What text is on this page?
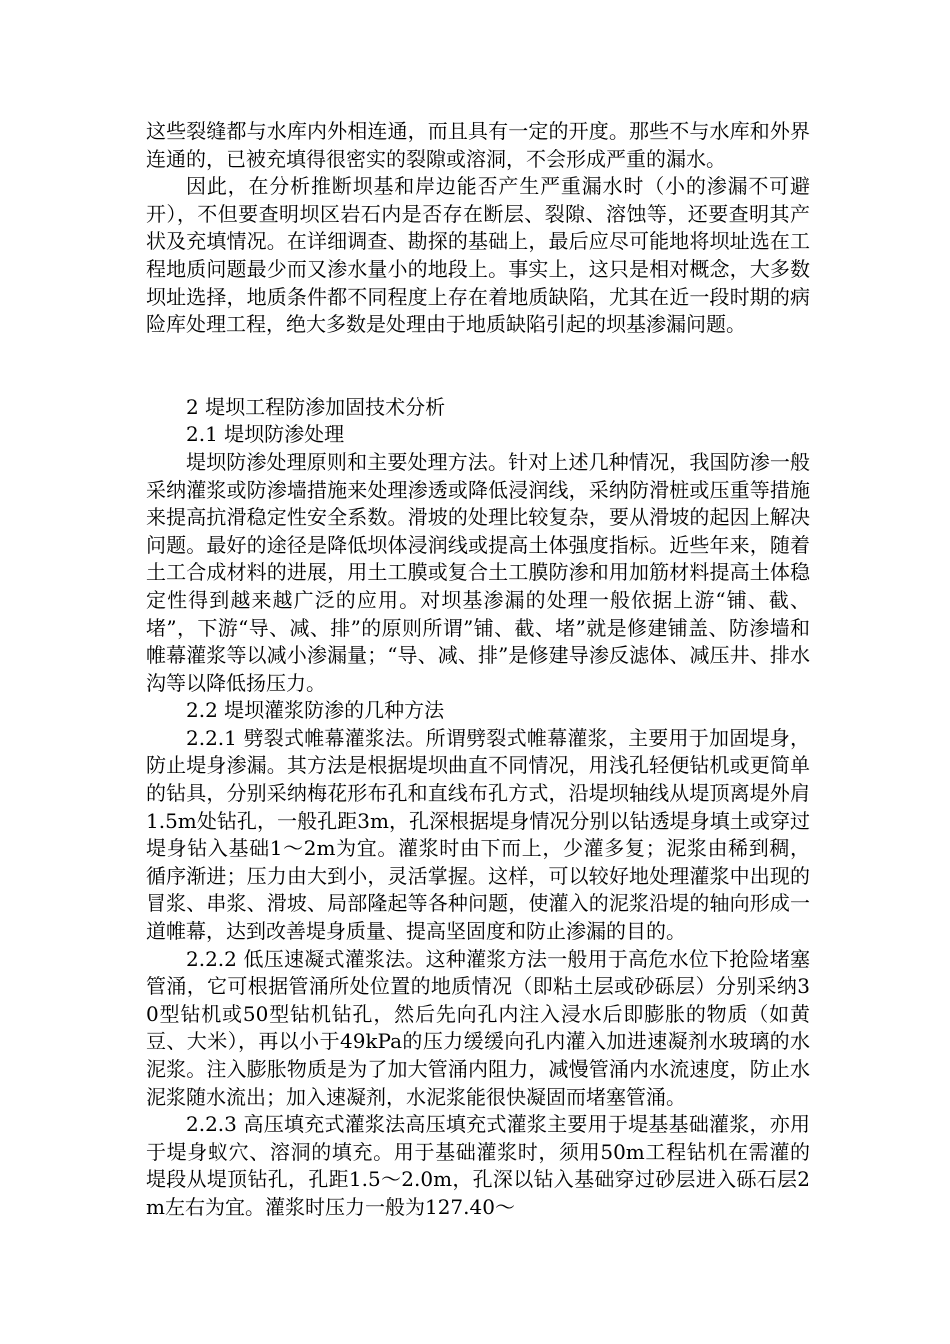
这些裂缝都与水库内外相连通，而且具有一定的开度。那些不与水库和外界连通的，已被充填得很密实的裂隙或溶洞，不会形成严重的漏水。

因此，在分析推断坝基和岸边能否产生严重漏水时（小的渗漏不可避开），不但要查明坝区岩石内是否存在断层、裂隙、溶蚀等，还要查明其产状及充填情况。在详细调查、勘探的基础上，最后应尽可能地将坝址选在工程地质问题最少而又渗水量小的地段上。事实上，这只是相对概念，大多数坝址选择，地质条件都不同程度上存在着地质缺陷，尤其在近一段时期的病险库处理工程，绝大多数是处理由于地质缺陷引起的坝基渗漏问题。

2 堤坝工程防渗加固技术分析

2.1 堤坝防渗处理

堤坝防渗处理原则和主要处理方法。针对上述几种情况，我国防渗一般采纳灌浆或防渗墙措施来处理渗透或降低浸润线，采纳防滑桩或压重等措施来提高抗滑稳定性安全系数。滑坡的处理比较复杂，要从滑坡的起因上解决问题。最好的途径是降低坝体浸润线或提高土体强度指标。近些年来，随着土工合成材料的进展，用土工膜或复合土工膜防渗和用加筋材料提高土体稳定性得到越来越广泛的应用。对坝基渗漏的处理一般依据上游“铺、截、堵”，下游“导、减、排”的原则所谓”铺、截、堵”就是修建铺盖、防渗墙和帷幕灌浆等以减小渗漏量；“导、减、排”是修建导渗反滤体、减压井、排水沟等以降低扬压力。

2.2 堤坝灌浆防渗的几种方法

2.2.1 劈裂式帷幕灌浆法。所谓劈裂式帷幕灌浆，主要用于加固堤身，防止堤身渗漏。其方法是根据堤坝曲直不同情况，用浅孔轻便钻机或更简单的钻具，分别采纳梅花形布孔和直线布孔方式，沿堤坝轴线从堤顶离堤外肩1.5m处钻孔，一般孔距3m，孔深根据堤身情况分别以钻透堤身填土或穿过堤身钻入基础1～2m为宜。灌浆时由下而上，少灌多复；泥浆由稀到稠，循序渐进；压力由大到小，灵活掌握。这样，可以较好地处理灌浆中出现的冒浆、串浆、滑坡、局部隆起等各种问题，使灌入的泥浆沿堤的轴向形成一道帷幕，达到改善堤身质量、提高坚固度和防止渗漏的目的。

2.2.2 低压速凝式灌浆法。这种灌浆方法一般用于高危水位下抢险堵塞管涌，它可根据管涌所处位置的地质情况（即粘土层或砂砾层）分别采纳30型钻机或50型钻机钻孔，然后先向孔内注入浸水后即膨胀的物质（如黄豆、大米），再以小于49kPa的压力缓缓向孔内灌入加进速凝剂水玻璃的水泥浆。注入膨胀物质是为了加大管涌内阻力，减慢管涌内水流速度，防止水泥浆随水流出；加入速凝剂，水泥浆能很快凝固而堵塞管涌。

2.2.3 高压填充式灌浆法高压填充式灌浆主要用于堤基基础灌浆，亦用于堤身蚁穴、溶洞的填充。用于基础灌浆时，须用50m工程钻机在需灌的堤段从堤顶钻孔，孔距1.5～2.0m，孔深以钻入基础穿过砂层进入砾石层2m左右为宜。灌浆时压力一般为127.40～
